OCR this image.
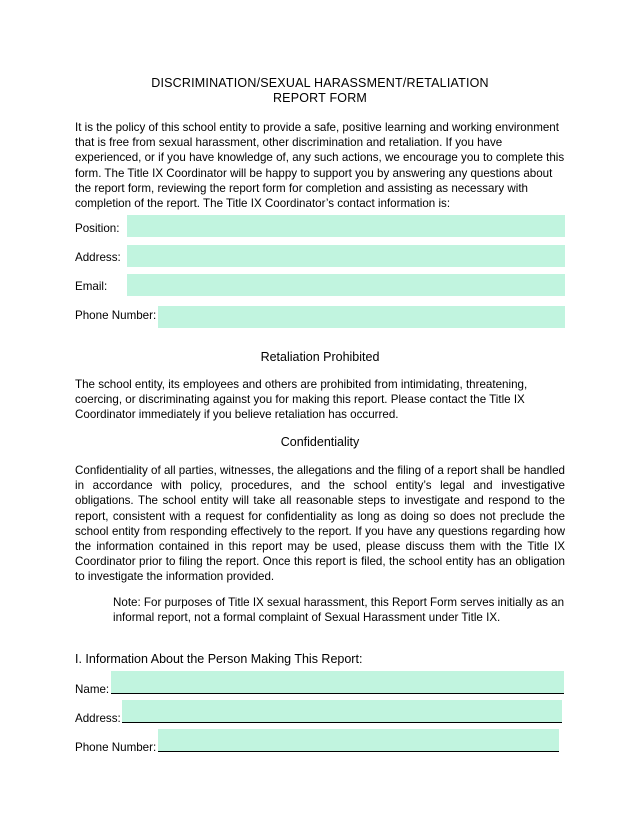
DISCRIMINATION/SEXUAL HARASSMENT/RETALIATION
REPORT FORM
It is the policy of this school entity to provide a safe, positive learning and working environment that is free from sexual harassment, other discrimination and retaliation. If you have experienced, or if you have knowledge of, any such actions, we encourage you to complete this form. The Title IX Coordinator will be happy to support you by answering any questions about the report form, reviewing the report form for completion and assisting as necessary with completion of the report. The Title IX Coordinator’s contact information is:
Position:
Address:
Email:
Phone Number:
Retaliation Prohibited
The school entity, its employees and others are prohibited from intimidating, threatening, coercing, or discriminating against you for making this report. Please contact the Title IX Coordinator immediately if you believe retaliation has occurred.
Confidentiality
Confidentiality of all parties, witnesses, the allegations and the filing of a report shall be handled in accordance with policy, procedures, and the school entity’s legal and investigative obligations. The school entity will take all reasonable steps to investigate and respond to the report, consistent with a request for confidentiality as long as doing so does not preclude the school entity from responding effectively to the report. If you have any questions regarding how the information contained in this report may be used, please discuss them with the Title IX Coordinator prior to filing the report. Once this report is filed, the school entity has an obligation to investigate the information provided.
Note: For purposes of Title IX sexual harassment, this Report Form serves initially as an informal report, not a formal complaint of Sexual Harassment under Title IX.
I. Information About the Person Making This Report:
Name:
Address:
Phone Number:
